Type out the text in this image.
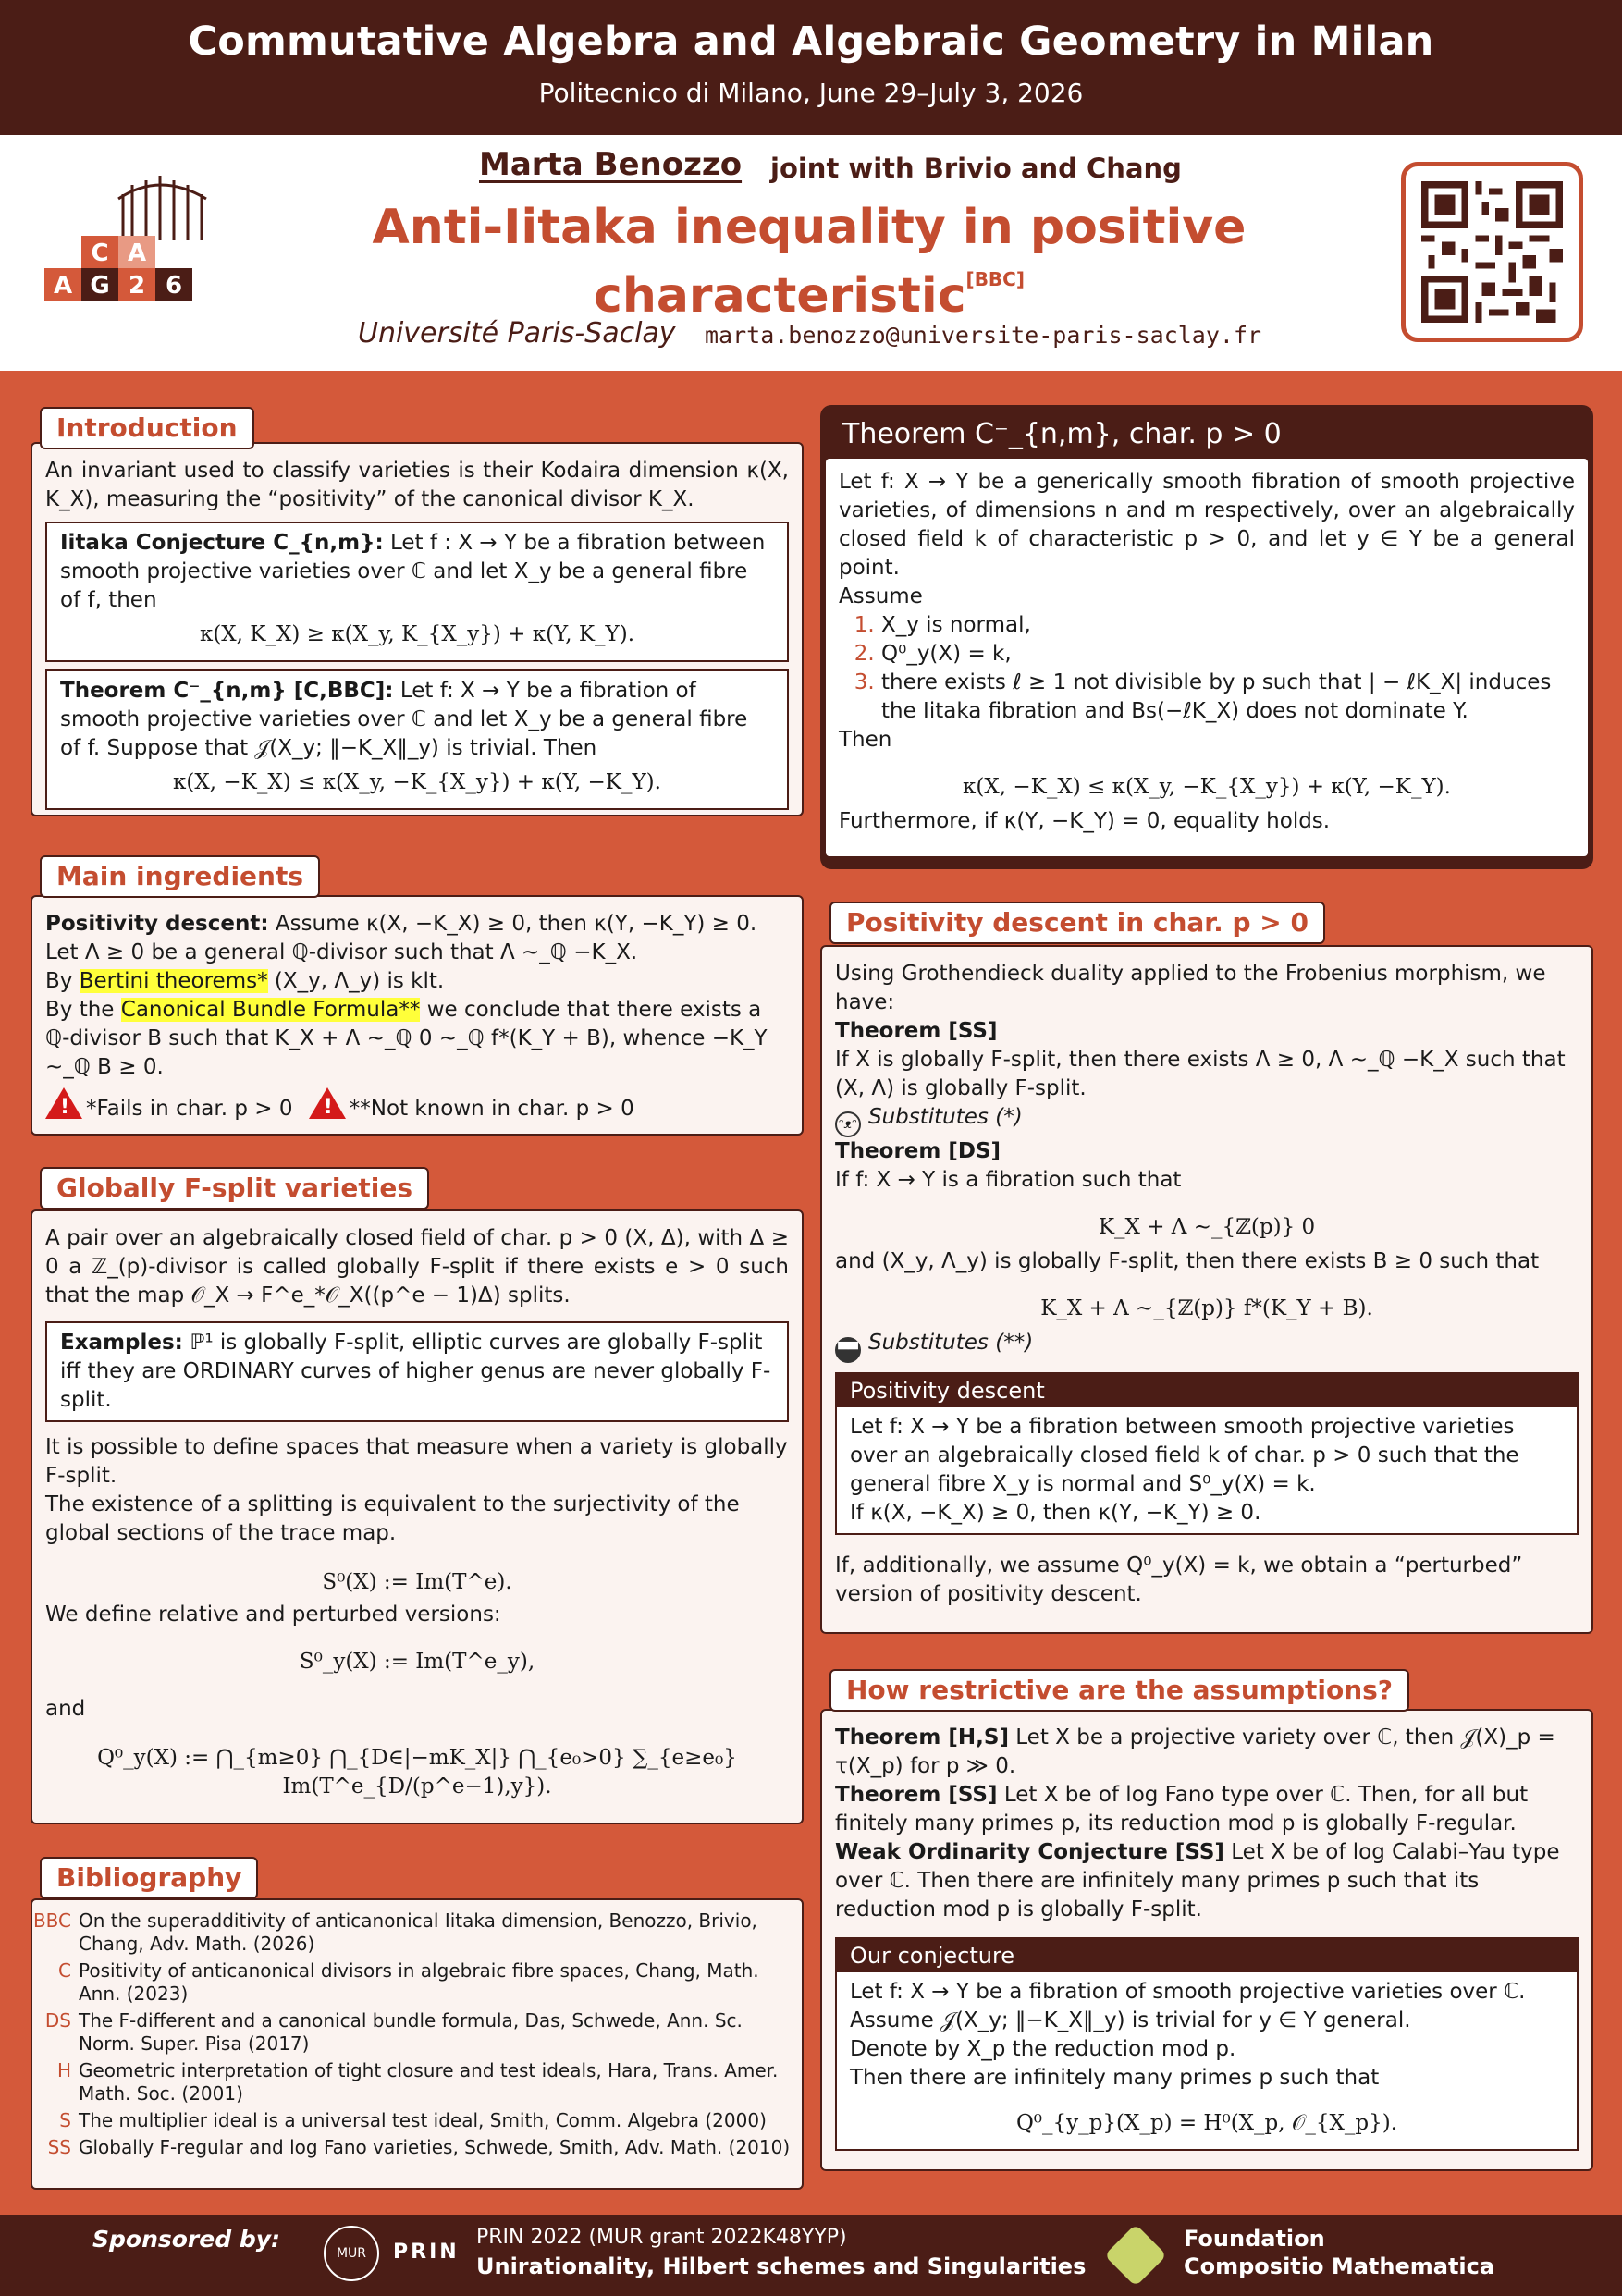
Commutative Algebra and Algebraic Geometry in Milan
Politecnico di Milano, June 29–July 3, 2026
C A
A G 2 6
Marta Benozzo joint with Brivio and Chang
Anti-Iitaka inequality in positive characteristic[BBC]
Université Paris-Saclay marta.benozzo@universite-paris-saclay.fr
An invariant used to classify varieties is their Kodaira dimension κ(X, K_X), measuring the “positivity” of the canonical divisor K_X.
Iitaka Conjecture C_{n,m}: Let f : X → Y be a fibration between smooth projective varieties over ℂ and let X_y be a general fibre of f, then
κ(X, K_X) ≥ κ(X_y, K_{X_y}) + κ(Y, K_Y).
Theorem C⁻_{n,m} [C,BBC]: Let f: X → Y be a fibration of smooth projective varieties over ℂ and let X_y be a general fibre of f. Suppose that 𝒥(X_y; ‖−K_X‖_y) is trivial. Then
κ(X, −K_X) ≤ κ(X_y, −K_{X_y}) + κ(Y, −K_Y).
Introduction
Positivity descent: Assume κ(X, −K_X) ≥ 0, then κ(Y, −K_Y) ≥ 0.
Let Λ ≥ 0 be a general ℚ-divisor such that Λ ∼_ℚ −K_X.
By Bertini theorems* (X_y, Λ_y) is klt.
By the Canonical Bundle Formula** we conclude that there exists a ℚ-divisor B such that K_X + Λ ∼_ℚ 0 ∼_ℚ f*(K_Y + B), whence −K_Y ∼_ℚ B ≥ 0.
!*Fails in char. p > 0 !	**Not known in char. p > 0
Main ingredients
A pair over an algebraically closed field of char. p > 0 (X, Δ), with Δ ≥ 0 a ℤ_(p)-divisor is called globally F-split if there exists e > 0 such that the map 𝒪_X → F^e_*𝒪_X((p^e − 1)Δ) splits.
Examples: ℙ¹ is globally F-split, elliptic curves are globally F-split iff they are ORDINARY curves of higher genus are never globally F-split.
It is possible to define spaces that measure when a variety is globally F-split.
The existence of a splitting is equivalent to the surjectivity of the global sections of the trace map.
S⁰(X) := Im(T^e).
We define relative and perturbed versions:
S⁰_y(X) := Im(T^e_y),
and
Q⁰_y(X) := ⋂_{m≥0} ⋂_{D∈|−mK_X|} ⋂_{e₀>0} ∑_{e≥e₀} Im(T^e_{D/(p^e−1),y}).
Globally F-split varieties
BBC On the superadditivity of anticanonical Iitaka dimension, Benozzo, Brivio, Chang, Adv. Math. (2026)
C Positivity of anticanonical divisors in algebraic fibre spaces, Chang, Math. Ann. (2023)
DS The F-different and a canonical bundle formula, Das, Schwede, Ann. Sc. Norm. Super. Pisa (2017)
H Geometric interpretation of tight closure and test ideals, Hara, Trans. Amer. Math. Soc. (2001)
S The multiplier ideal is a universal test ideal, Smith, Comm. Algebra (2000)
SS Globally F-regular and log Fano varieties, Schwede, Smith, Adv. Math. (2010)
Bibliography
Theorem C⁻_{n,m}, char. p > 0
Let f: X → Y be a generically smooth fibration of smooth projective varieties, of dimensions n and m respectively, over an algebraically closed field k of characteristic p > 0, and let y ∈ Y be a general point.
Assume
1. X_y is normal,
2. Q⁰_y(X) = k,
3. there exists ℓ ≥ 1 not divisible by p such that | − ℓK_X| induces the Iitaka fibration and Bs(−ℓK_X) does not dominate Y.
Then
κ(X, −K_X) ≤ κ(X_y, −K_{X_y}) + κ(Y, −K_Y).
Furthermore, if κ(Y, −K_Y) = 0, equality holds.
Using Grothendieck duality applied to the Frobenius morphism, we have:
Theorem [SS]
If X is globally F-split, then there exists Λ ≥ 0, Λ ∼_ℚ −K_X such that (X, Λ) is globally F-split.
ᵔᴥᵔ Substitutes (*)
Theorem [DS]
If f: X → Y is a fibration such that
K_X + Λ ∼_{ℤ(p)} 0
and (X_y, Λ_y) is globally F-split, then there exists B ≥ 0 such that
K_X + Λ ∼_{ℤ(p)} f*(K_Y + B).
▀▀ Substitutes (**)
Positivity descent
Let f: X → Y be a fibration between smooth projective varieties over an algebraically closed field k of char. p > 0 such that the general fibre X_y is normal and S⁰_y(X) = k.
If κ(X, −K_X) ≥ 0, then κ(Y, −K_Y) ≥ 0.
If, additionally, we assume Q⁰_y(X) = k, we obtain a “perturbed” version of positivity descent.
Positivity descent in char. p > 0
Theorem [H,S] Let X be a projective variety over ℂ, then 𝒥(X)_p = τ(X_p) for p ≫ 0.
Theorem [SS] Let X be of log Fano type over ℂ. Then, for all but finitely many primes p, its reduction mod p is globally F-regular.
Weak Ordinarity Conjecture [SS] Let X be of log Calabi–Yau type over ℂ. Then there are infinitely many primes p such that its reduction mod p is globally F-split.
Our conjecture
Let f: X → Y be a fibration of smooth projective varieties over ℂ.
Assume 𝒥(X_y; ‖−K_X‖_y) is trivial for y ∈ Y general.
Denote by X_p the reduction mod p.
Then there are infinitely many primes p such that
Q⁰_{y_p}(X_p) = H⁰(X_p, 𝒪_{X_p}).
How restrictive are the assumptions?
Sponsored by:
MUR	PRIN
PRIN 2022 (MUR grant 2022K48YYP)
Unirationality, Hilbert schemes and Singularities
Foundation
Compositio Mathematica
